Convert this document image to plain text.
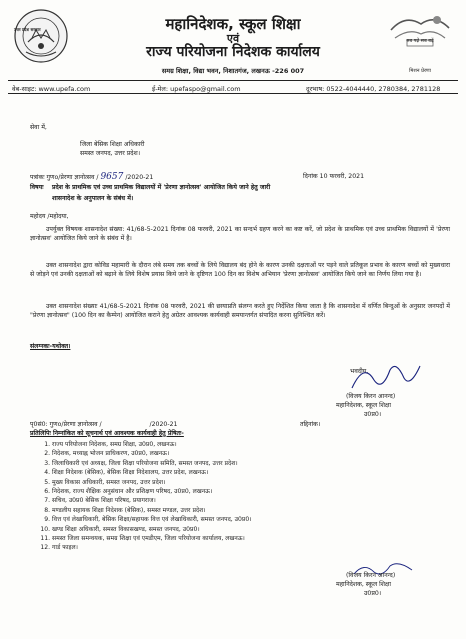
उत्तर प्रदेश सरकार	महानिदेशक, स्कूल शिक्षा
एवं
राज्य परियोजना निदेशक कार्यालय
समग्र शिक्षा, विद्या भवन, निशातगंज, लखनऊ -226 007
सब पढ़ें सब बढ़ें
मिशन प्रेरणा
वेब-साइट: www.upefa.com	ई-मेल: upefaspo@gmail.com	दूरभाष: 0522-4044440, 2780384, 2781128
सेवा में,
जिला बेसिक शिक्षा अधिकारी
समस्त जनपद, उत्तर प्रदेश।
पत्रांकः गुणo/प्रेरणा ज्ञानोत्सव / 9657 /2020-21	दिनांक 10 फरवरी, 2021
विषयः प्रदेश के प्राथमिक एवं उच्च प्राथमिक विद्यालयों में 'प्रेरणा ज्ञानोत्सव' आयोजित किये जाने हेतु जारी
शासनादेश के अनुपालन के संबंध में।
महोदय /महोदया,

उपर्युक्त विषयक शासनादेश संख्या: 41/68-5-2021 दिनांक 08 फरवरी, 2021 का सन्दर्भ ग्रहण करने का कष्ट करें, जो प्रदेश के प्राथमिक एवं उच्च प्राथमिक विद्यालयों में 'प्रेरणा ज्ञानोत्सव' आयोजित किये जाने के संबंध में है।

उक्त शासनादेश द्वारा कोविड महामारी के दौरान लंबे समय तक बच्चों के लिये विद्यालय बंद होने के कारण उनकी दक्षताओं पर पड़ने वाले प्रतिकूल प्रभाव के कारण बच्चों को मुख्यधारा से जोड़ने एवं उनकी दक्षताओं को बढ़ाने के लिये विशेष प्रयास किये जाने के दृष्टिगत 100 दिन का विशेष अभियान 'प्रेरणा ज्ञानोत्सव' आयोजित किये जाने का निर्णय लिया गया है।

उक्त शासनादेश संख्याः 41/68-5-2021 दिनांक 08 फरवरी, 2021 की छायाप्रति संलग्न करते हुए निर्देशित किया जाता है कि शासनादेश में वर्णित बिन्दुओं के अनुसार जनपदों में "प्रेरणा ज्ञानोत्सव" (100 दिन का कैम्पेन) आयोजित कराने हेतु अग्रेतर आवश्यक कार्यवाही समयान्तर्गत संपादित करना सुनिश्चित करें।

संलग्नकः-यथोक्त।
भवदीय,
(विजय किरन आनन्द)
महानिदेशक, स्कूल शिक्षा
उ0प्र0।
पृ0सं0: गुणo/प्रेरणा ज्ञानोत्सव /	/2020-21	तद्दिनांक।
प्रतिलिपिः निम्नांकित को सूचनार्थ एवं आवश्यक कार्यवाही हेतु प्रेषितः-
1. राज्य परियोजना निदेशक, समग्र शिक्षा, उ0प्र0, लखनऊ।
2. निदेशक, मध्याह्न भोजन प्राधिकरण, उ0प्र0, लखनऊ।
3. जिलाधिकारी एवं अध्यक्ष, जिला शिक्षा परियोजना समिति, समस्त जनपद, उत्तर प्रदेश।
4. शिक्षा निदेशक (बेसिक), बेसिक शिक्षा निदेशालय, उत्तर प्रदेश, लखनऊ।
5. मुख्य विकास अधिकारी, समस्त जनपद, उत्तर प्रदेश।
6. निदेशक, राज्य शैक्षिक अनुसंधान और प्रशिक्षण परिषद, उ0प्र0, लखनऊ।
7. सचिव, उ0प्र0 बेसिक शिक्षा परिषद, प्रयागराज।
8. मण्डलीय सहायक शिक्षा निदेशक (बेसिक), समस्त मण्डल, उत्तर प्रदेश।
9. वित्त एवं लेखाधिकारी, बेसिक शिक्षा/सहायक वित्त एवं लेखाधिकारी, समस्त जनपद, उ0प्र0।
10. खण्ड शिक्षा अधिकारी, समस्त विकासखण्ड, समस्त जनपद, उ0प्र0।
11. समस्त जिला समन्वयक, समग्र शिक्षा एवं एमडीएम, जिला परियोजना कार्यालय, लखनऊ।
12. गार्ड फाइल।
(विजय किरन आनन्द)
महानिदेशक, स्कूल शिक्षा
उ0प्र0।
